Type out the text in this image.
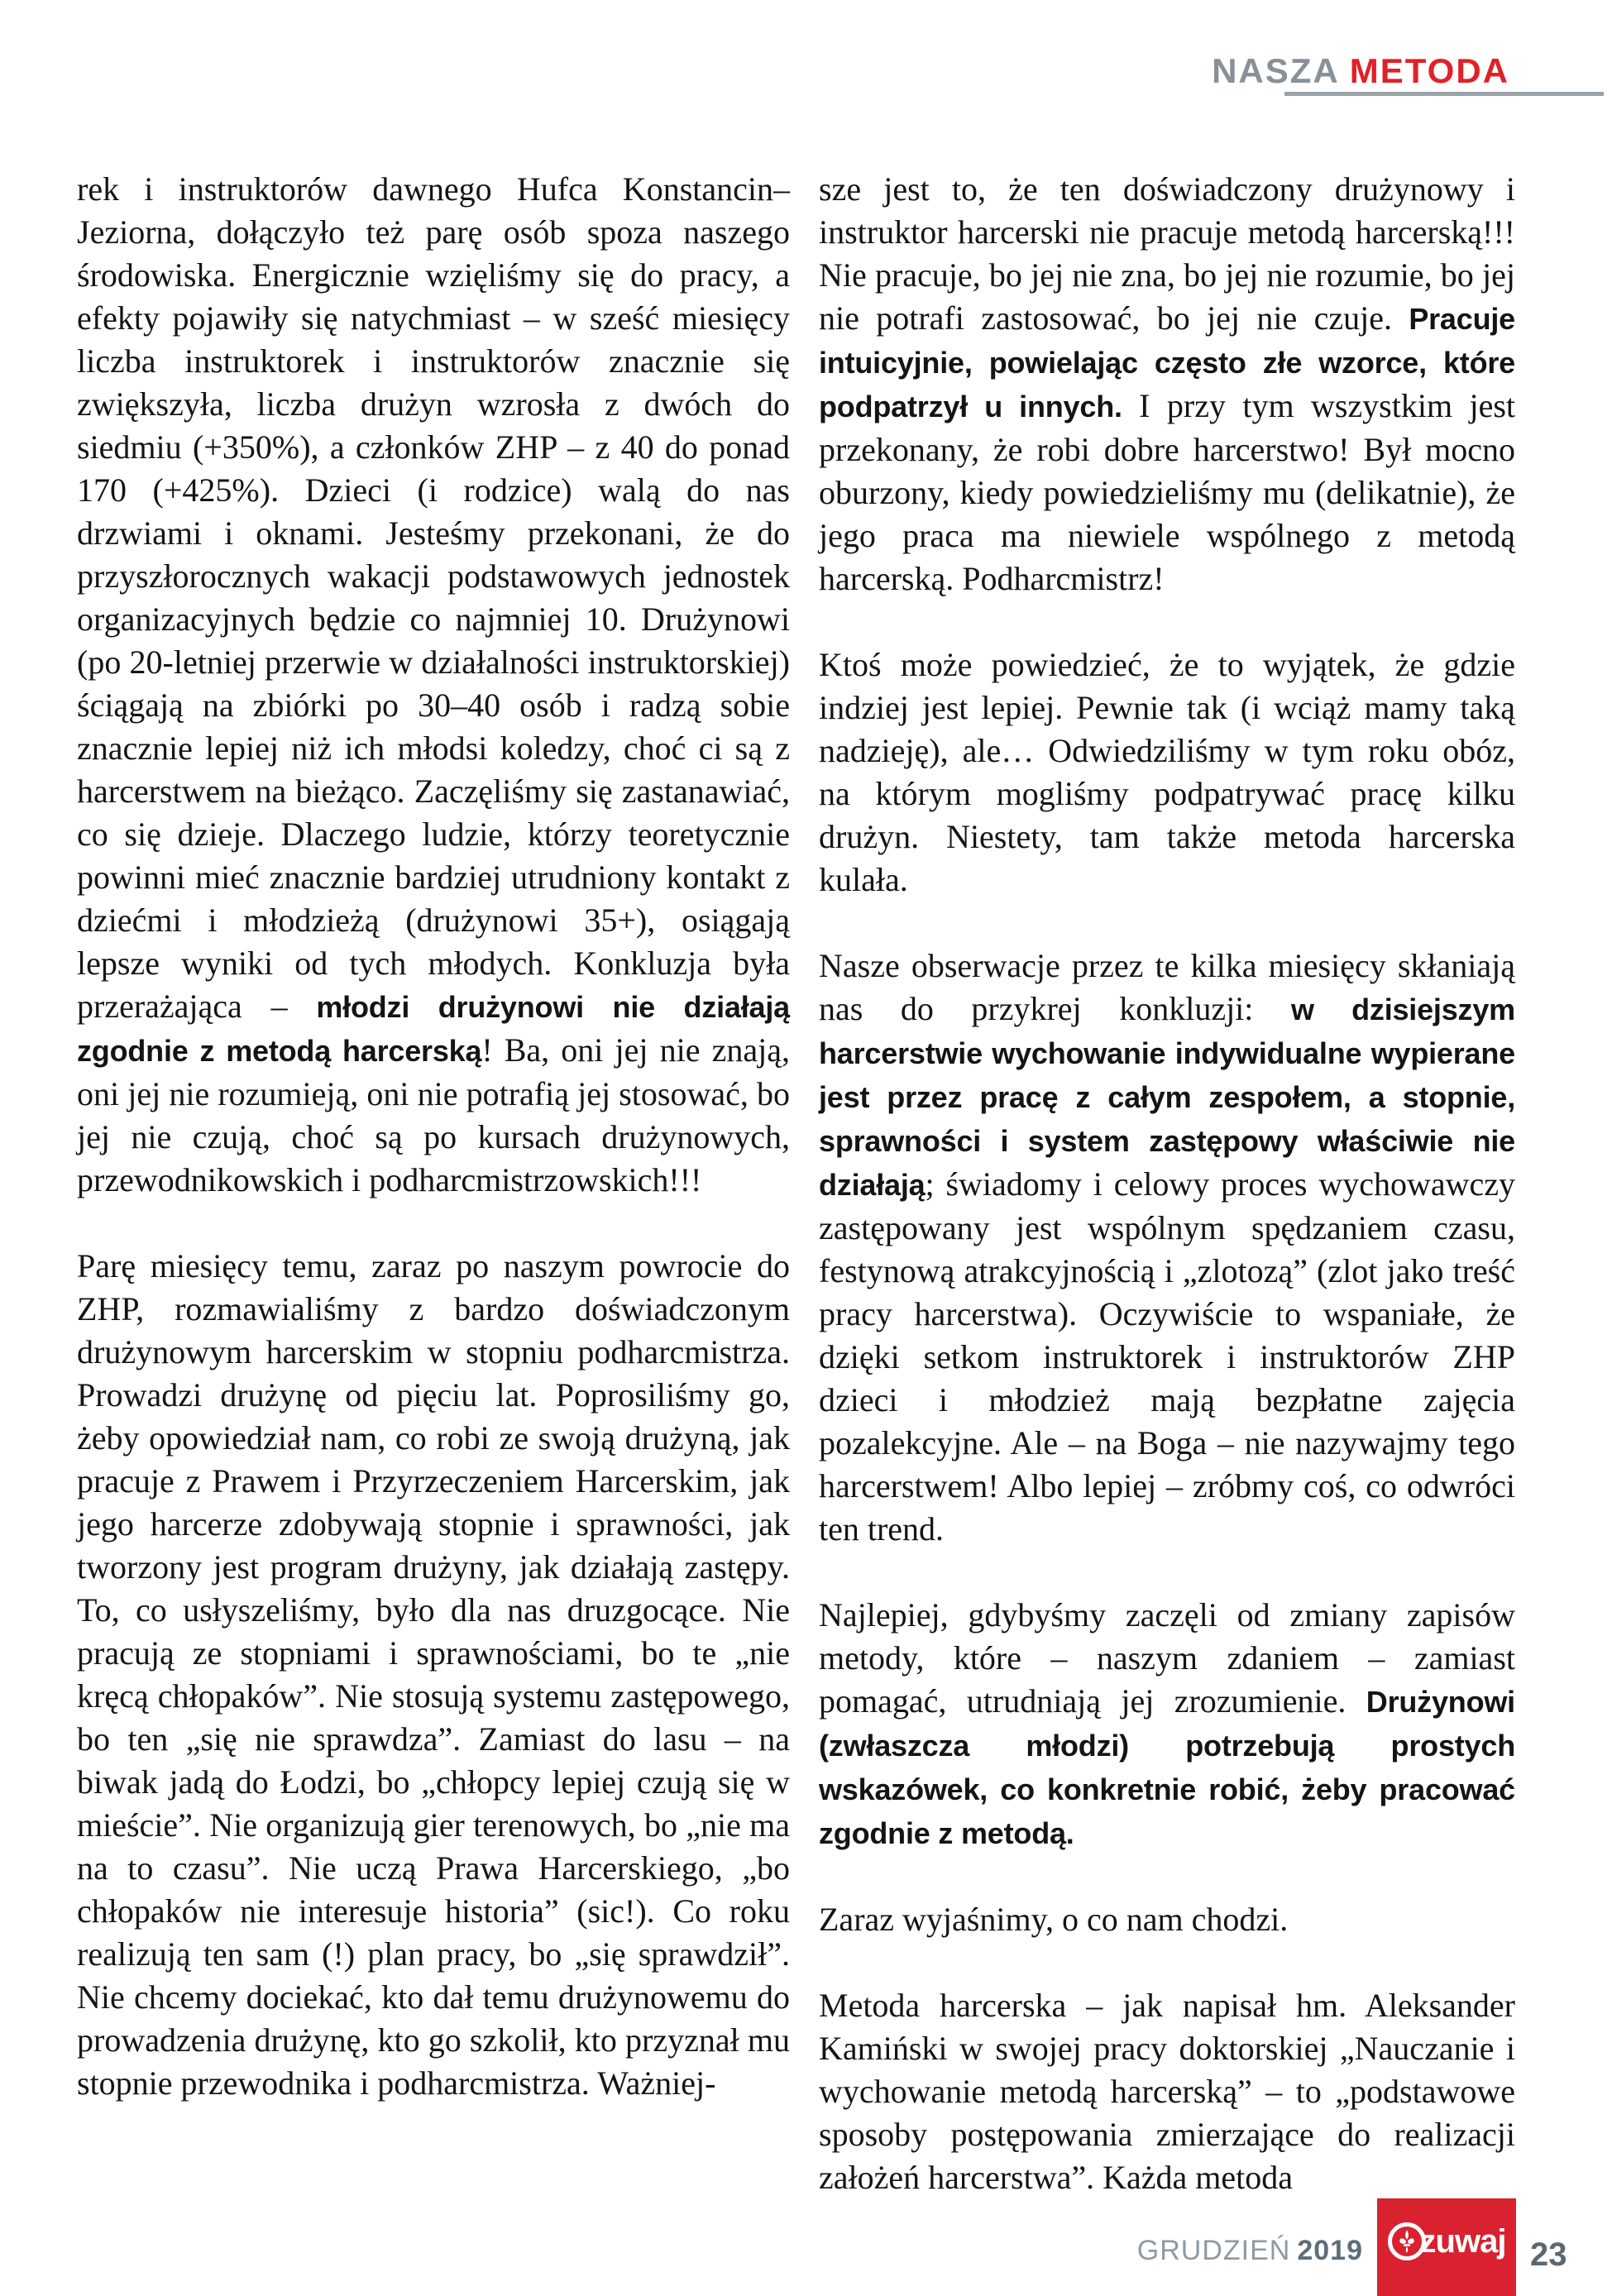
NASZA METODA

rek i instruktorów dawnego Hufca Konstancin–Jeziorna, dołączyło też parę osób spoza naszego środowiska. Energicznie wzięliśmy się do pracy, a efekty pojawiły się natychmiast – w sześć miesięcy liczba instruktorek i instruktorów znacznie się zwiększyła, liczba drużyn wzrosła z dwóch do siedmiu (+350%), a członków ZHP – z 40 do ponad 170 (+425%). Dzieci (i rodzice) walą do nas drzwiami i oknami. Jesteśmy przekonani, że do przyszłorocznych wakacji podstawowych jednostek organizacyjnych będzie co najmniej 10. Drużynowi (po 20-letniej przerwie w działalności instruktorskiej) ściągają na zbiórki po 30–40 osób i radzą sobie znacznie lepiej niż ich młodsi koledzy, choć ci są z harcerstwem na bieżąco. Zaczęliśmy się zastanawiać, co się dzieje. Dlaczego ludzie, którzy teoretycznie powinni mieć znacznie bardziej utrudniony kontakt z dziećmi i młodzieżą (drużynowi 35+), osiągają lepsze wyniki od tych młodych. Konkluzja była przerażająca – młodzi drużynowi nie działają zgodnie z metodą harcerską! Ba, oni jej nie znają, oni jej nie rozumieją, oni nie potrafią jej stosować, bo jej nie czują, choć są po kursach drużynowych, przewodnikowskich i podharcmistrzowskich!!!

Parę miesięcy temu, zaraz po naszym powrocie do ZHP, rozmawialiśmy z bardzo doświadczonym drużynowym harcerskim w stopniu podharcmistrza. Prowadzi drużynę od pięciu lat. Poprosiliśmy go, żeby opowiedział nam, co robi ze swoją drużyną, jak pracuje z Prawem i Przyrzeczeniem Harcerskim, jak jego harcerze zdobywają stopnie i sprawności, jak tworzony jest program drużyny, jak działają zastępy. To, co usłyszeliśmy, było dla nas druzgocące. Nie pracują ze stopniami i sprawnościami, bo te „nie kręcą chłopaków”. Nie stosują systemu zastępowego, bo ten „się nie sprawdza”. Zamiast do lasu – na biwak jadą do Łodzi, bo „chłopcy lepiej czują się w mieście”. Nie organizują gier terenowych, bo „nie ma na to czasu”. Nie uczą Prawa Harcerskiego, „bo chłopaków nie interesuje historia” (sic!). Co roku realizują ten sam (!) plan pracy, bo „się sprawdził”. Nie chcemy dociekać, kto dał temu drużynowemu do prowadzenia drużynę, kto go szkolił, kto przyznał mu stopnie przewodnika i podharcmistrza. Ważniej-

sze jest to, że ten doświadczony drużynowy i instruktor harcerski nie pracuje metodą harcerską!!! Nie pracuje, bo jej nie zna, bo jej nie rozumie, bo jej nie potrafi zastosować, bo jej nie czuje. Pracuje intuicyjnie, powielając często złe wzorce, które podpatrzył u innych. I przy tym wszystkim jest przekonany, że robi dobre harcerstwo! Był mocno oburzony, kiedy powiedzieliśmy mu (delikatnie), że jego praca ma niewiele wspólnego z metodą harcerską. Podharcmistrz!

Ktoś może powiedzieć, że to wyjątek, że gdzie indziej jest lepiej. Pewnie tak (i wciąż mamy taką nadzieję), ale… Odwiedziliśmy w tym roku obóz, na którym mogliśmy podpatrywać pracę kilku drużyn. Niestety, tam także metoda harcerska kulała.

Nasze obserwacje przez te kilka miesięcy skłaniają nas do przykrej konkluzji: w dzisiejszym harcerstwie wychowanie indywidualne wypierane jest przez pracę z całym zespołem, a stopnie, sprawności i system zastępowy właściwie nie działają; świadomy i celowy proces wychowawczy zastępowany jest wspólnym spędzaniem czasu, festynową atrakcyjnością i „zlotozą” (zlot jako treść pracy harcerstwa). Oczywiście to wspaniałe, że dzięki setkom instruktorek i instruktorów ZHP dzieci i młodzież mają bezpłatne zajęcia pozalekcyjne. Ale – na Boga – nie nazywajmy tego harcerstwem! Albo lepiej – zróbmy coś, co odwróci ten trend.

Najlepiej, gdybyśmy zaczęli od zmiany zapisów metody, które – naszym zdaniem – zamiast pomagać, utrudniają jej zrozumienie. Drużynowi (zwłaszcza młodzi) potrzebują prostych wskazówek, co konkretnie robić, żeby pracować zgodnie z metodą.

Zaraz wyjaśnimy, o co nam chodzi.

Metoda harcerska – jak napisał hm. Aleksander Kamiński w swojej pracy doktorskiej „Nauczanie i wychowanie metodą harcerską” – to „podstawowe sposoby postępowania zmierzające do realizacji założeń harcerstwa”. Każda metoda

GRUDZIEŃ 2019 zuwaj 23
